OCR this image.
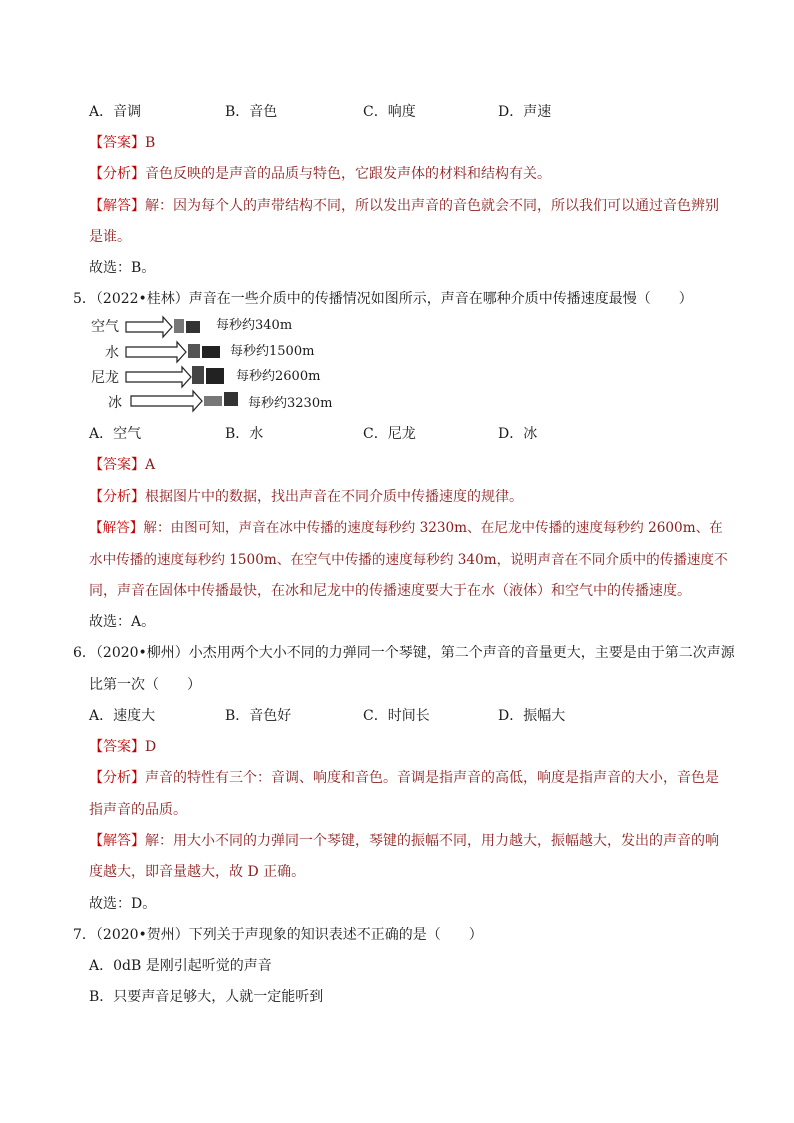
A．音调	B．音色	C．响度	D．声速
【答案】B
【分析】音色反映的是声音的品质与特色，它跟发声体的材料和结构有关。
【解答】解：因为每个人的声带结构不同，所以发出声音的音色就会不同，所以我们可以通过音色辨别
是谁。
故选：B。
5．（2022•桂林）声音在一些介质中的传播情况如图所示，声音在哪种介质中传播速度最慢（　　）
空气	每秒约340m
水	每秒约1500m
尼龙	每秒约2600m
冰	每秒约3230m
A．空气	B．水	C．尼龙	D．冰
【答案】A
【分析】根据图片中的数据，找出声音在不同介质中传播速度的规律。
【解答】解：由图可知，声音在冰中传播的速度每秒约 3230m、在尼龙中传播的速度每秒约 2600m、在
水中传播的速度每秒约 1500m、在空气中传播的速度每秒约 340m，说明声音在不同介质中的传播速度不
同，声音在固体中传播最快，在冰和尼龙中的传播速度要大于在水（液体）和空气中的传播速度。
故选：A。
6．（2020•柳州）小杰用两个大小不同的力弹同一个琴键，第二个声音的音量更大，主要是由于第二次声源
比第一次（　　）
A．速度大	B．音色好	C．时间长	D．振幅大
【答案】D
【分析】声音的特性有三个：音调、响度和音色。音调是指声音的高低，响度是指声音的大小，音色是
指声音的品质。
【解答】解：用大小不同的力弹同一个琴键，琴键的振幅不同，用力越大，振幅越大，发出的声音的响
度越大，即音量越大，故 D 正确。
故选：D。
7．（2020•贺州）下列关于声现象的知识表述不正确的是（　　）
A．0dB 是刚引起听觉的声音
B．只要声音足够大，人就一定能听到
